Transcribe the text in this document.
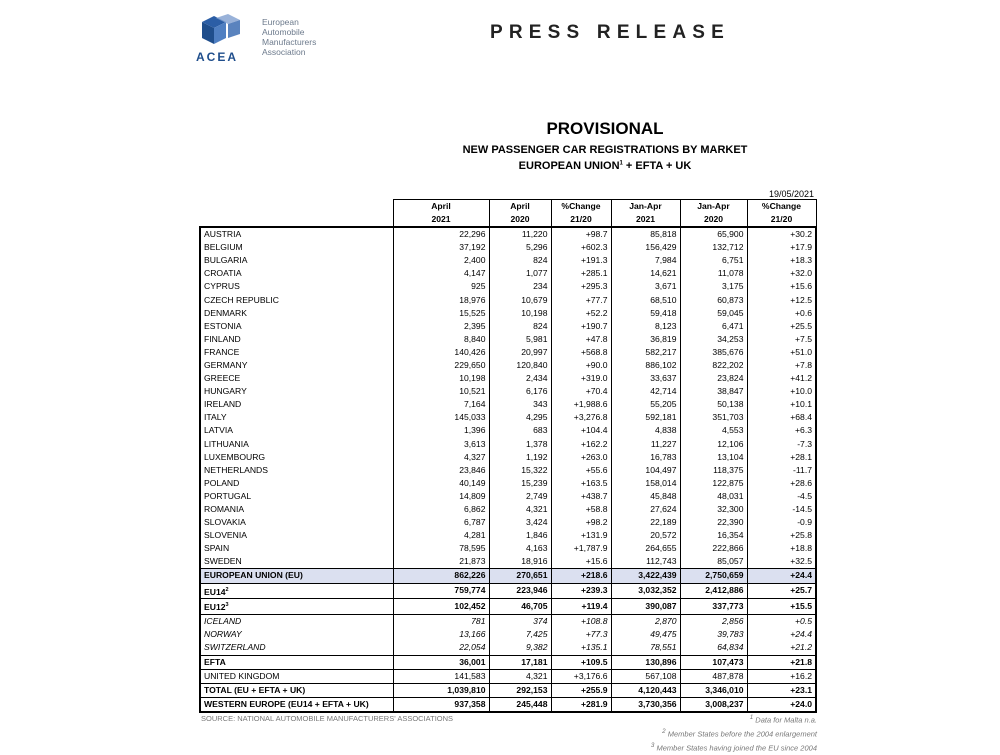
ACEA
European
Automobile
Manufacturers
Association
PRESS RELEASE
PROVISIONAL
NEW PASSENGER CAR REGISTRATIONS BY MARKET
EUROPEAN $UNION^1$ + EFTA + UK
19/05/2021
	April	April	%Change	Jan-Apr	Jan-Apr	%Change
	2021	2020	21/20	2021	2020	21/20
AUSTRIA	22,296	11,220	+98.7	85,818	65,900	+30.2
BELGIUM	37,192	5,296	+602.3	156,429	132,712	+17.9
BULGARIA	2,400	824	+191.3	7,984	6,751	+18.3
CROATIA	4,147	1,077	+285.1	14,621	11,078	+32.0
CYPRUS	925	234	+295.3	3,671	3,175	+15.6
CZECH REPUBLIC	18,976	10,679	+77.7	68,510	60,873	+12.5
DENMARK	15,525	10,198	+52.2	59,418	59,045	+0.6
ESTONIA	2,395	824	+190.7	8,123	6,471	+25.5
FINLAND	8,840	5,981	+47.8	36,819	34,253	+7.5
FRANCE	140,426	20,997	+568.8	582,217	385,676	+51.0
GERMANY	229,650	120,840	+90.0	886,102	822,202	+7.8
GREECE	10,198	2,434	+319.0	33,637	23,824	+41.2
HUNGARY	10,521	6,176	+70.4	42,714	38,847	+10.0
IRELAND	7,164	343	+1,988.6	55,205	50,138	+10.1
ITALY	145,033	4,295	+3,276.8	592,181	351,703	+68.4
LATVIA	1,396	683	+104.4	4,838	4,553	+6.3
LITHUANIA	3,613	1,378	+162.2	11,227	12,106	-7.3
LUXEMBOURG	4,327	1,192	+263.0	16,783	13,104	+28.1
NETHERLANDS	23,846	15,322	+55.6	104,497	118,375	-11.7
POLAND	40,149	15,239	+163.5	158,014	122,875	+28.6
PORTUGAL	14,809	2,749	+438.7	45,848	48,031	-4.5
ROMANIA	6,862	4,321	+58.8	27,624	32,300	-14.5
SLOVAKIA	6,787	3,424	+98.2	22,189	22,390	-0.9
SLOVENIA	4,281	1,846	+131.9	20,572	16,354	+25.8
SPAIN	78,595	4,163	+1,787.9	264,655	222,866	+18.8
SWEDEN	21,873	18,916	+15.6	112,743	85,057	+32.5
EUROPEAN UNION (EU)	862,226	270,651	+218.6	3,422,439	2,750,659	+24.4
$EU14^2$	759,774	223,946	+239.3	3,032,352	2,412,886	+25.7
$EU12^3$	102,452	46,705	+119.4	390,087	337,773	+15.5
ICELAND	781	374	+108.8	2,870	2,856	+0.5
NORWAY	13,166	7,425	+77.3	49,475	39,783	+24.4
SWITZERLAND	22,054	9,382	+135.1	78,551	64,834	+21.2
EFTA	36,001	17,181	+109.5	130,896	107,473	+21.8
UNITED KINGDOM	141,583	4,321	+3,176.6	567,108	487,878	+16.2
TOTAL (EU + EFTA + UK)	1,039,810	292,153	+255.9	4,120,443	3,346,010	+23.1
WESTERN EUROPE (EU14 + EFTA + UK)	937,358	245,448	+281.9	3,730,356	3,008,237	+24.0
SOURCE: NATIONAL AUTOMOBILE MANUFACTURERS' ASSOCIATIONS	$^1$ Data for Malta n.a.
$^2$ Member States before the 2004 enlargement
$^3$ Member States having joined the EU since 2004
